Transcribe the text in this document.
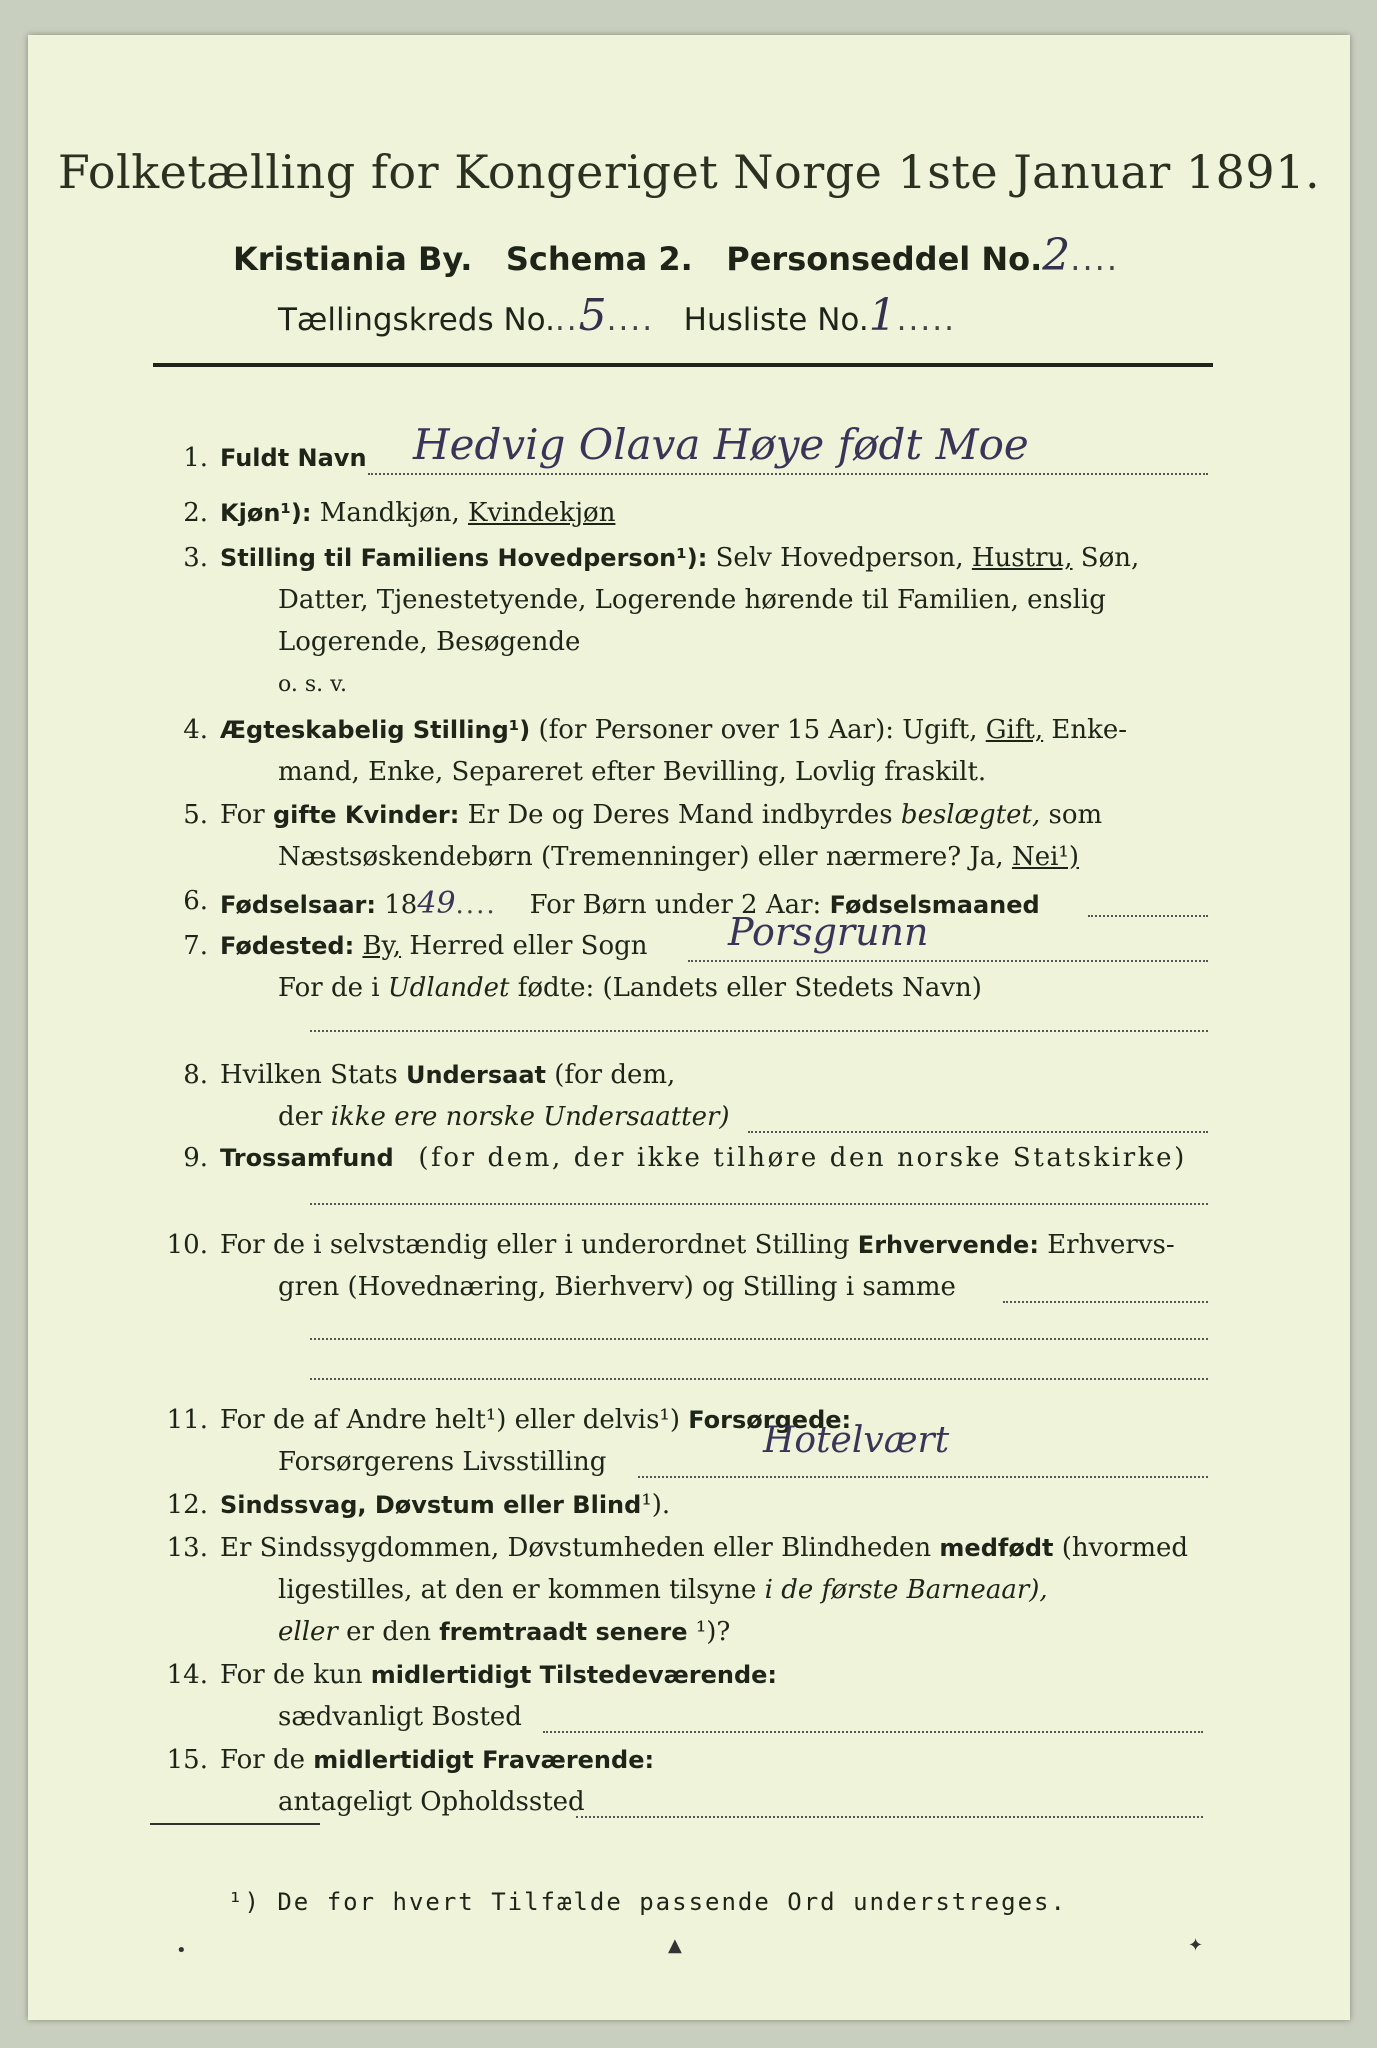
Folketælling for Kongeriget Norge 1ste Januar 1891.
Kristiania By. Schema 2. Personseddel No.2....
Tællingskreds No...5.... Husliste No.1.....
1. Fuldt Navn Hedvig Olava Høye født Moe
2. Kjøn¹): Mandkjøn, Kvindekjøn
3. Stilling til Familiens Hovedperson¹): Selv Hovedperson, Hustru, Søn,
Datter, Tjenestetyende, Logerende hørende til Familien, enslig
Logerende, Besøgende
o. s. v.
4. Ægteskabelig Stilling¹) (for Personer over 15 Aar): Ugift, Gift, Enke-
mand, Enke, Separeret efter Bevilling, Lovlig fraskilt.
5. For gifte Kvinder: Er De og Deres Mand indbyrdes beslægtet, som
Næstsøskendebørn (Tremenninger) eller nærmere? Ja, Nei¹)
6. Fødselsaar: 1849.... For Børn under 2 Aar: Fødselsmaaned
7. Fødested: By, Herred eller Sogn Porsgrunn
For de i Udlandet fødte: (Landets eller Stedets Navn)
8. Hvilken Stats Undersaat (for dem,
der ikke ere norske Undersaatter)
9. Trossamfund (for dem, der ikke tilhøre den norske Statskirke)
10. For de i selvstændig eller i underordnet Stilling Erhvervende: Erhvervs-
gren (Hovednæring, Bierhverv) og Stilling i samme
11. For de af Andre helt¹) eller delvis¹) Forsørgede:
Forsørgerens Livsstilling
Hotelvært
12. Sindssvag, Døvstum eller Blind¹).
13. Er Sindssygdommen, Døvstumheden eller Blindheden medfødt (hvormed
ligestilles, at den er kommen tilsyne i de første Barneaar),
eller er den fremtraadt senere ¹)?
14. For de kun midlertidigt Tilstedeværende:
sædvanligt Bosted
15. For de midlertidigt Fraværende:
antageligt Opholdssted
¹) De for hvert Tilfælde passende Ord understreges.
•	▲	✦
